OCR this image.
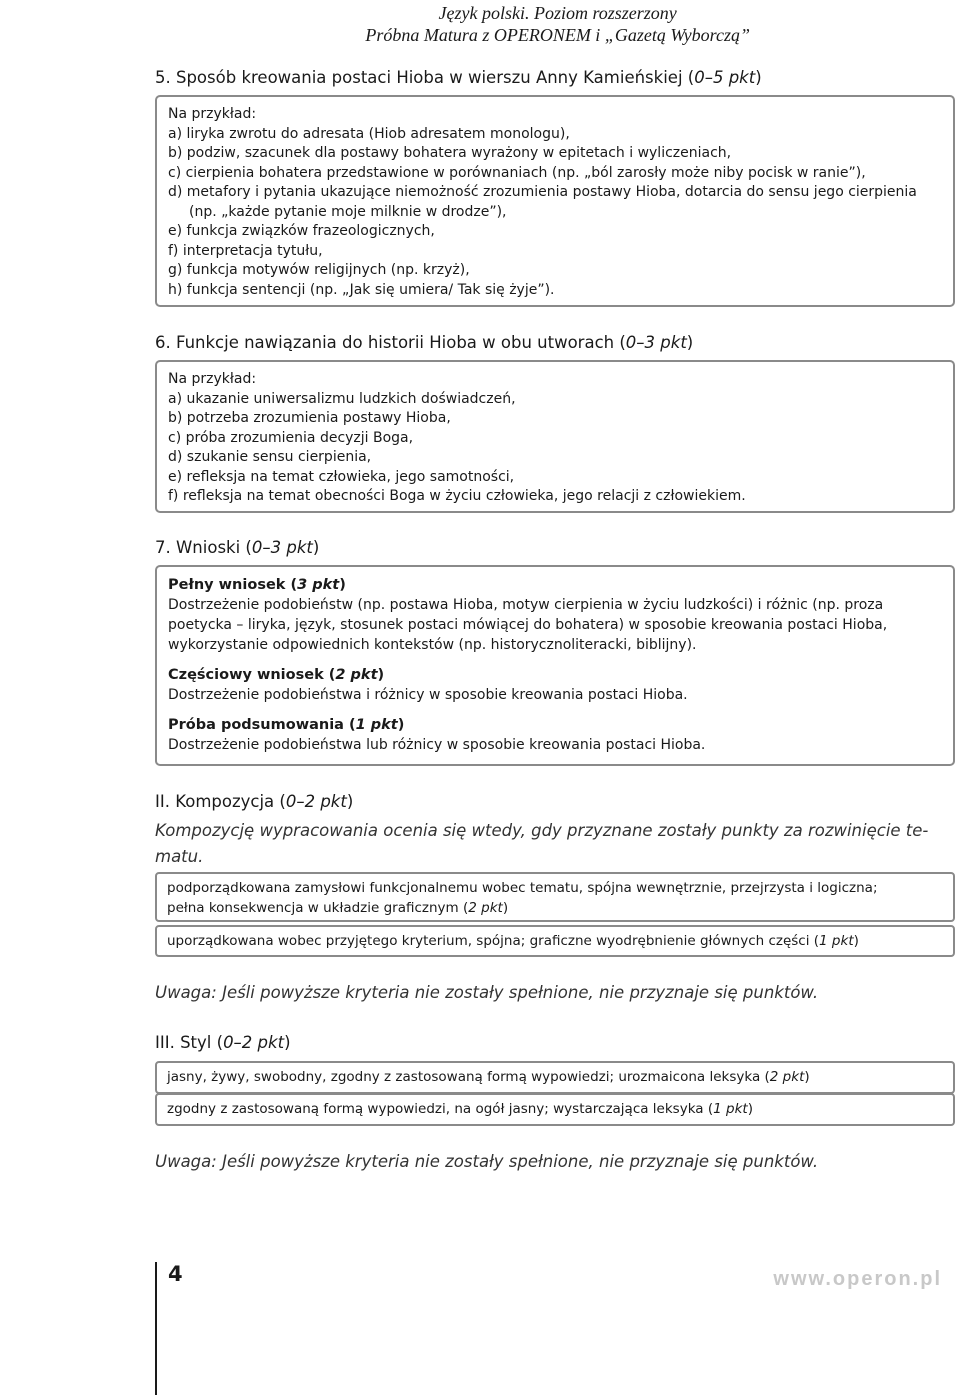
Język polski. Poziom rozszerzony
Próbna Matura z OPERONEM i „Gazetą Wyborczą”
5. Sposób kreowania postaci Hioba w wierszu Anny Kamieńskiej (0–5 pkt)
Na przykład:
a) liryka zwrotu do adresata (Hiob adresatem monologu),
b) podziw, szacunek dla postawy bohatera wyrażony w epitetach i wyliczeniach,
c) cierpienia bohatera przedstawione w porównaniach (np. „ból zarosły może niby pocisk w ranie”),
d) metafory i pytania ukazujące niemożność zrozumienia postawy Hioba, dotarcia do sensu jego cierpienia
(np. „każde pytanie moje milknie w drodze”),
e) funkcja związków frazeologicznych,
f) interpretacja tytułu,
g) funkcja motywów religijnych (np. krzyż),
h) funkcja sentencji (np. „Jak się umiera/ Tak się żyje”).
6. Funkcje nawiązania do historii Hioba w obu utworach (0–3 pkt)
Na przykład:
a) ukazanie uniwersalizmu ludzkich doświadczeń,
b) potrzeba zrozumienia postawy Hioba,
c) próba zrozumienia decyzji Boga,
d) szukanie sensu cierpienia,
e) refleksja na temat człowieka, jego samotności,
f) refleksja na temat obecności Boga w życiu człowieka, jego relacji z człowiekiem.
7. Wnioski (0–3 pkt)
Pełny wniosek (3 pkt)
Dostrzeżenie podobieństw (np. postawa Hioba, motyw cierpienia w życiu ludzkości) i różnic (np. proza
poetycka – liryka, język, stosunek postaci mówiącej do bohatera) w sposobie kreowania postaci Hioba,
wykorzystanie odpowiednich kontekstów (np. historycznoliteracki, biblijny).
Częściowy wniosek (2 pkt)
Dostrzeżenie podobieństwa i różnicy w sposobie kreowania postaci Hioba.
Próba podsumowania (1 pkt)
Dostrzeżenie podobieństwa lub różnicy w sposobie kreowania postaci Hioba.
II. Kompozycja (0–2 pkt)
Kompozycję wypracowania ocenia się wtedy, gdy przyznane zostały punkty za rozwinięcie te-
matu.
podporządkowana zamysłowi funkcjonalnemu wobec tematu, spójna wewnętrznie, przejrzysta i logiczna;
pełna konsekwencja w układzie graficznym (2 pkt)
uporządkowana wobec przyjętego kryterium, spójna; graficzne wyodrębnienie głównych części (1 pkt)
Uwaga: Jeśli powyższe kryteria nie zostały spełnione, nie przyznaje się punktów.
III. Styl (0–2 pkt)
jasny, żywy, swobodny, zgodny z zastosowaną formą wypowiedzi; urozmaicona leksyka (2 pkt)
zgodny z zastosowaną formą wypowiedzi, na ogół jasny; wystarczająca leksyka (1 pkt)
Uwaga: Jeśli powyższe kryteria nie zostały spełnione, nie przyznaje się punktów.
4	www.operon.pl
